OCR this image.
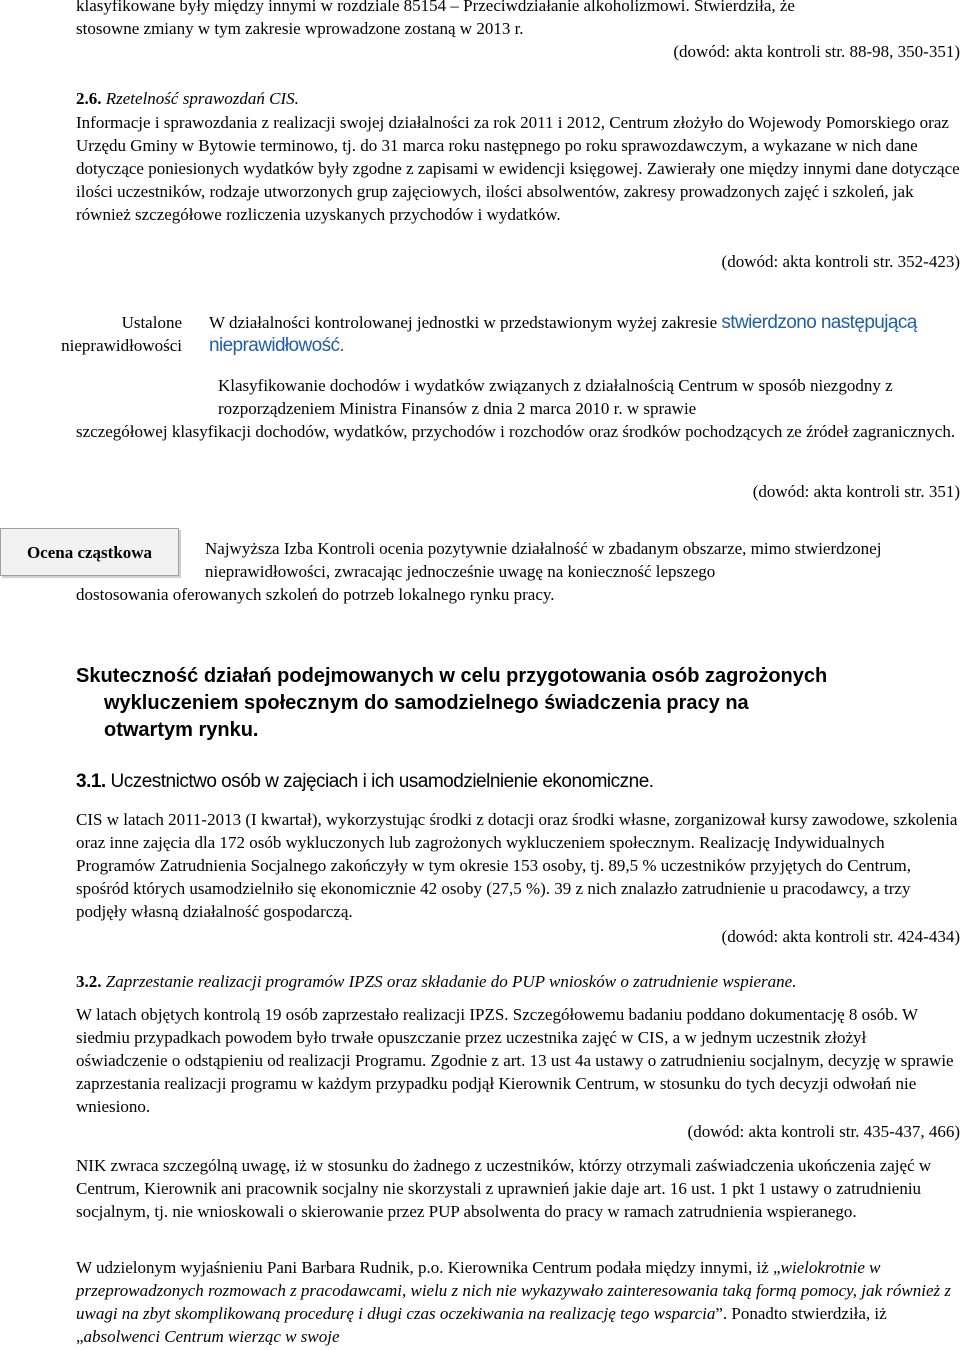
klasyfikowane były między innymi w rozdziale 85154 – Przeciwdziałanie alkoholizmowi. Stwierdziła, że

stosowne zmiany w tym zakresie wprowadzone zostaną w 2013 r.

(dowód: akta kontroli str. 88-98, 350-351)
2.6. Rzetelność sprawozdań CIS.

Informacje i sprawozdania z realizacji swojej działalności za rok 2011 i 2012, Centrum złożyło do Wojewody Pomorskiego oraz Urzędu Gminy w Bytowie terminowo, tj. do 31 marca roku następnego po roku sprawozdawczym, a wykazane w nich dane dotyczące poniesionych wydatków były zgodne z zapisami w ewidencji księgowej. Zawierały one między innymi dane dotyczące ilości uczestników, rodzaje utworzonych grup zajęciowych, ilości absolwentów, zakresy prowadzonych zajęć i szkoleń, jak również szczegółowe rozliczenia uzyskanych przychodów i wydatków.

(dowód: akta kontroli str. 352-423)
Ustalone
nieprawidłowości
W działalności kontrolowanej jednostki w przedstawionym wyżej zakresie stwierdzono następującą nieprawidłowość.

Klasyfikowanie dochodów i wydatków związanych z działalnością Centrum w sposób niezgodny z rozporządzeniem Ministra Finansów z dnia 2 marca 2010 r. w sprawie

szczegółowej klasyfikacji dochodów, wydatków, przychodów i rozchodów oraz środków pochodzących ze źródeł zagranicznych.

(dowód: akta kontroli str. 351)
Ocena cząstkowa	Najwyższa Izba Kontroli ocenia pozytywnie działalność w zbadanym obszarze, mimo stwierdzonej nieprawidłowości, zwracając jednocześnie uwagę na konieczność lepszego

dostosowania oferowanych szkoleń do potrzeb lokalnego rynku pracy.

Skuteczność działań podejmowanych w celu przygotowania osób zagrożonych
wykluczeniem społecznym do samodzielnego świadczenia pracy na
otwartym rynku.
3.1. Uczestnictwo osób w zajęciach i ich usamodzielnienie ekonomiczne.

CIS w latach 2011-2013 (I kwartał), wykorzystując środki z dotacji oraz środki własne, zorganizował kursy zawodowe, szkolenia oraz inne zajęcia dla 172 osób wykluczonych lub zagrożonych wykluczeniem społecznym. Realizację Indywidualnych Programów Zatrudnienia Socjalnego zakończyły w tym okresie 153 osoby, tj. 89,5 % uczestników przyjętych do Centrum, spośród których usamodzielniło się ekonomicznie 42 osoby (27,5 %). 39 z nich znalazło zatrudnienie u pracodawcy, a trzy podjęły własną działalność gospodarczą.

(dowód: akta kontroli str. 424-434)
3.2. Zaprzestanie realizacji programów IPZS oraz składanie do PUP wniosków o zatrudnienie wspierane.

W latach objętych kontrolą 19 osób zaprzestało realizacji IPZS. Szczegółowemu badaniu poddano dokumentację 8 osób. W siedmiu przypadkach powodem było trwałe opuszczanie przez uczestnika zajęć w CIS, a w jednym uczestnik złożył oświadczenie o odstąpieniu od realizacji Programu. Zgodnie z art. 13 ust 4a ustawy o zatrudnieniu socjalnym, decyzję w sprawie zaprzestania realizacji programu w każdym przypadku podjął Kierownik Centrum, w stosunku do tych decyzji odwołań nie wniesiono.

(dowód: akta kontroli str. 435-437, 466)

NIK zwraca szczególną uwagę, iż w stosunku do żadnego z uczestników, którzy otrzymali zaświadczenia ukończenia zajęć w Centrum, Kierownik ani pracownik socjalny nie skorzystali z uprawnień jakie daje art. 16 ust. 1 pkt 1 ustawy o zatrudnieniu socjalnym, tj. nie wnioskowali o skierowanie przez PUP absolwenta do pracy w ramach zatrudnienia wspieranego.

W udzielonym wyjaśnieniu Pani Barbara Rudnik, p.o. Kierownika Centrum podała między innymi, iż „wielokrotnie w przeprowadzonych rozmowach z pracodawcami, wielu z nich nie wykazywało zainteresowania taką formą pomocy, jak również z uwagi na zbyt skomplikowaną procedurę i długi czas oczekiwania na realizację tego wsparcia”. Ponadto stwierdziła, iż „absolwenci Centrum wierząc w swoje
